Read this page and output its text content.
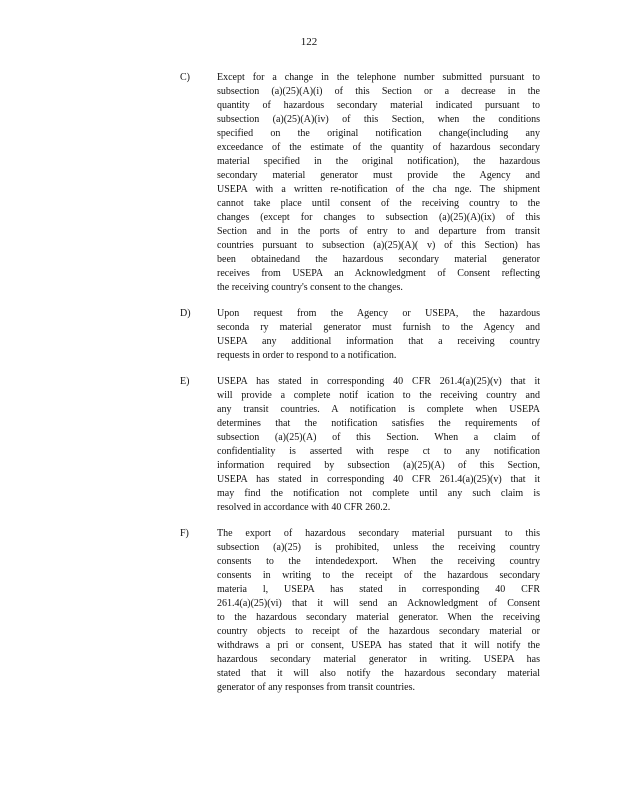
122
C)	Except for a change in the telephone number submitted pursuant to
subsection (a)(25)(A)(i) of this Section or a decrease in the
quantity of hazardous secondary material indicated pursuant to
subsection (a)(25)(A)(iv) of this Section, when the conditions
specified on the original notification change(including any
exceedance of the estimate of the quantity of hazardous secondary
material specified in the original notification), the hazardous
secondary material generator must provide the Agency and
USEPA with a written re-notification of the cha nge. The shipment
cannot take place until consent of the receiving country to the
changes (except for changes to subsection (a)(25)(A)(ix) of this
Section and in the ports of entry to and departure from transit
countries pursuant to subsection (a)(25)(A)( v) of this Section) has
been obtainedand the hazardous secondary material generator
receives from USEPA an Acknowledgment of Consent reflecting
the receiving country's consent to the changes.
D)	Upon request from the Agency or USEPA, the hazardous
seconda ry material generator must furnish to the Agency and
USEPA any additional information that a receiving country
requests in order to respond to a notification.
E)	USEPA has stated in corresponding 40 CFR 261.4(a)(25)(v) that it
will provide a complete notif ication to the receiving country and
any transit countries. A notification is complete when USEPA
determines that the notification satisfies the requirements of
subsection (a)(25)(A) of this Section. When a claim of
confidentiality is asserted with respe ct to any notification
information required by subsection (a)(25)(A) of this Section,
USEPA has stated in corresponding 40 CFR 261.4(a)(25)(v) that it
may find the notification not complete until any such claim is
resolved in accordance with 40 CFR 260.2.
F)	The export of hazardous secondary material pursuant to this
subsection (a)(25) is prohibited, unless the receiving country
consents to the intendedexport. When the receiving country
consents in writing to the receipt of the hazardous secondary
materia l, USEPA has stated in corresponding 40 CFR
261.4(a)(25)(vi) that it will send an Acknowledgment of Consent
to the hazardous secondary material generator. When the receiving
country objects to receipt of the hazardous secondary material or
withdraws a pri or consent, USEPA has stated that it will notify the
hazardous secondary material generator in writing. USEPA has
stated that it will also notify the hazardous secondary material
generator of any responses from transit countries.
